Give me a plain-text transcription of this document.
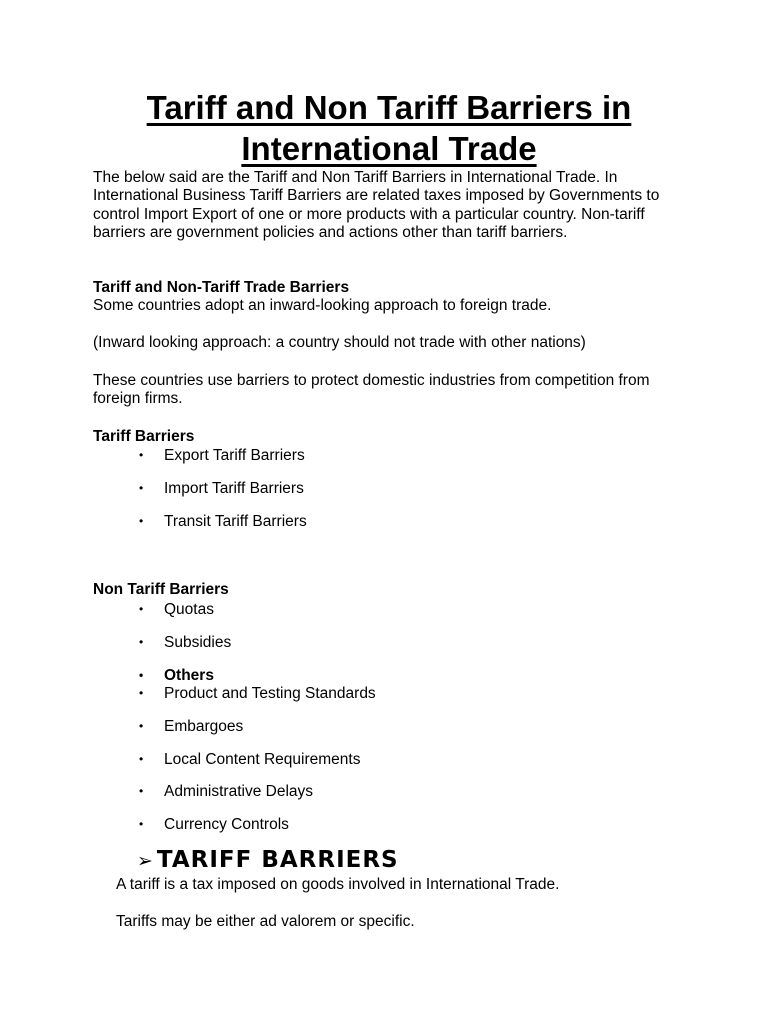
Tariff and Non Tariff Barriers in International Trade

The below said are the Tariff and Non Tariff Barriers in International Trade. In International Business Tariff Barriers are related taxes imposed by Governments to control Import Export of one or more products with a particular country. Non-tariff barriers are government policies and actions other than tariff barriers.

Tariff and Non-Tariff Trade Barriers

Some countries adopt an inward-looking approach to foreign trade.

(Inward looking approach: a country should not trade with other nations)

These countries use barriers to protect domestic industries from competition from foreign firms.

Tariff Barriers

• Export Tariff Barriers
• Import Tariff Barriers
• Transit Tariff Barriers

Non Tariff Barriers

• Quotas
• Subsidies
• Others
• Product and Testing Standards
• Embargoes
• Local Content Requirements
• Administrative Delays
• Currency Controls
➢ TARIFF BARRIERS

A tariff is a tax imposed on goods involved in International Trade.

Tariffs may be either ad valorem or specific.
